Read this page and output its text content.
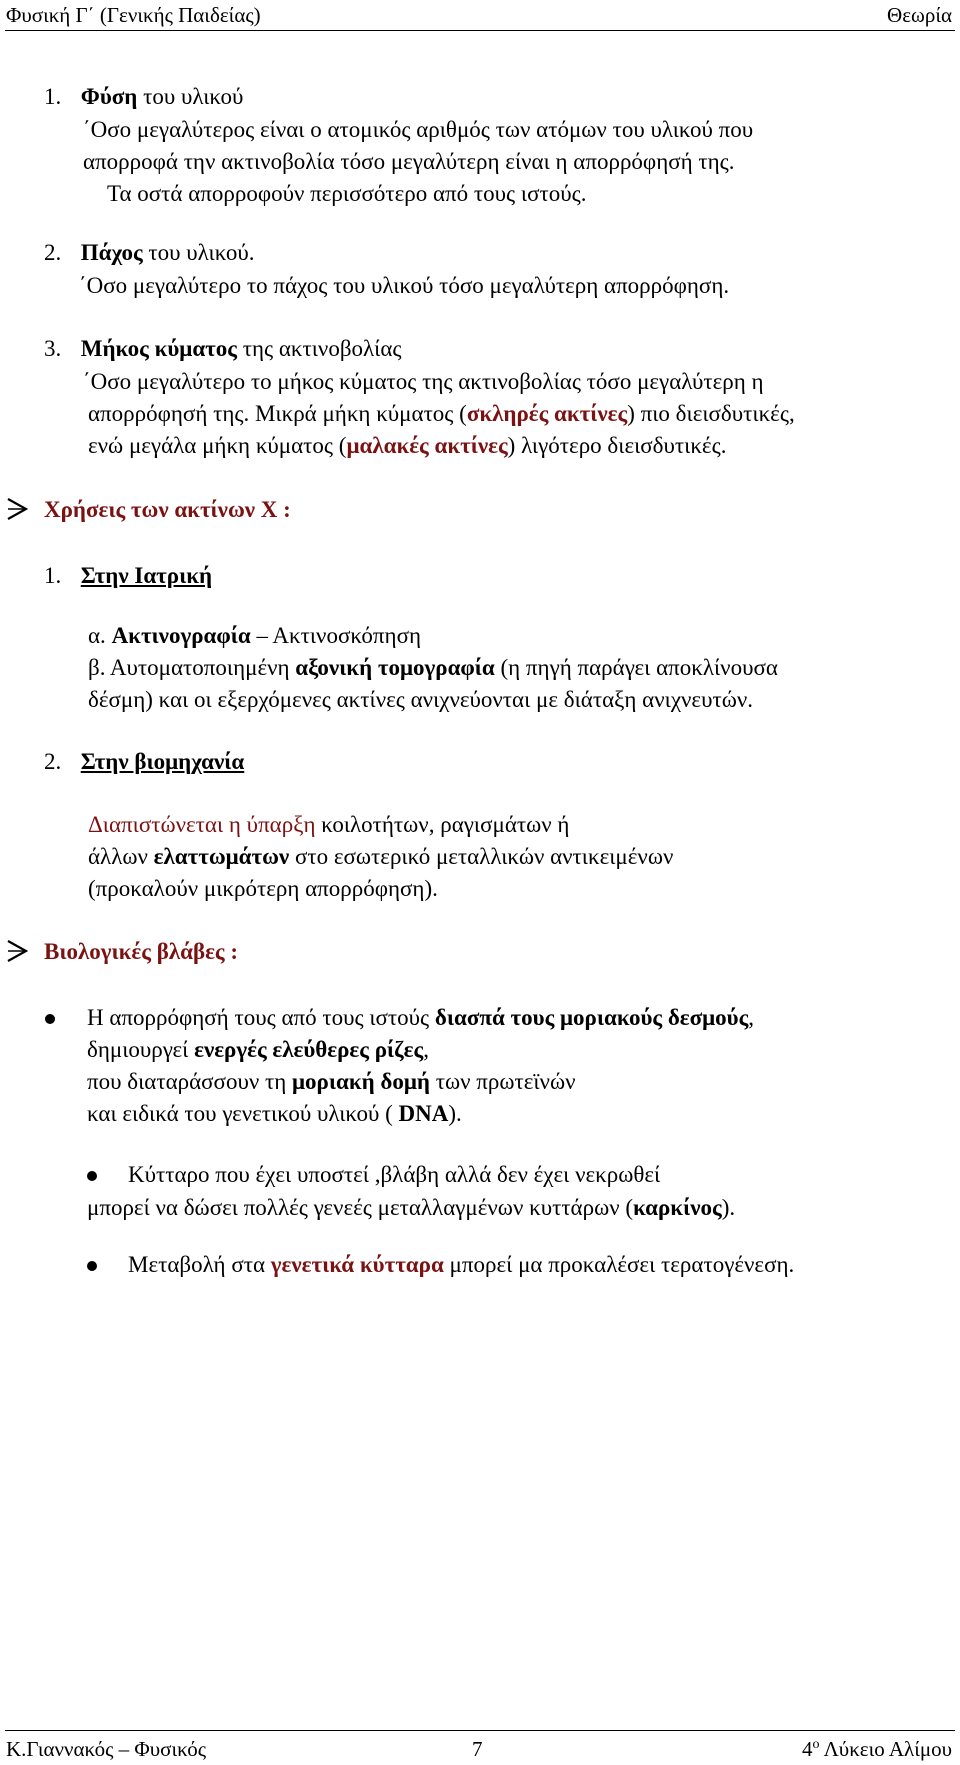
Φυσική Γ΄ (Γενικής Παιδείας)	Θεωρία
1. Φύση του υλικού
΄Οσο μεγαλύτερος είναι ο ατομικός αριθμός των ατόμων του υλικού που
απορροφά την ακτινοβολία τόσο μεγαλύτερη είναι η απορρόφησή της.
Τα οστά απορροφούν περισσότερο από τους ιστούς.
2. Πάχος του υλικού.
΄Οσο μεγαλύτερο το πάχος του υλικού τόσο μεγαλύτερη απορρόφηση.
3. Μήκος κύματος της ακτινοβολίας
΄Οσο μεγαλύτερο το μήκος κύματος της ακτινοβολίας τόσο μεγαλύτερη η
απορρόφησή της. Μικρά μήκη κύματος (σκληρές ακτίνες) πιο διεισδυτικές,
ενώ μεγάλα μήκη κύματος (μαλακές ακτίνες) λιγότερο διεισδυτικές.
Χρήσεις των ακτίνων Χ :
1. Στην Ιατρική
α. Ακτινογραφία – Ακτινοσκόπηση
β. Αυτοματοποιημένη αξονική τομογραφία (η πηγή παράγει αποκλίνουσα
δέσμη) και οι εξερχόμενες ακτίνες ανιχνεύονται με διάταξη ανιχνευτών.
2. Στην βιομηχανία
Διαπιστώνεται η ύπαρξη κοιλοτήτων, ραγισμάτων ή
άλλων ελαττωμάτων στο εσωτερικό μεταλλικών αντικειμένων
(προκαλούν μικρότερη απορρόφηση).
Βιολογικές βλάβες :
Η απορρόφησή τους από τους ιστούς διασπά τους μοριακούς δεσμούς,
δημιουργεί ενεργές ελεύθερες ρίζες,
που διαταράσσουν τη μοριακή δομή των πρωτεϊνών
και ειδικά του γενετικού υλικού ( DNA).
Κύτταρο που έχει υποστεί ,βλάβη αλλά δεν έχει νεκρωθεί
μπορεί να δώσει πολλές γενεές μεταλλαγμένων κυττάρων (καρκίνος).
Μεταβολή στα γενετικά κύτταρα μπορεί μα προκαλέσει τερατογένεση.
Κ.Γιαννακός – Φυσικός	7	$4^o$ Λύκειο Αλίμου
